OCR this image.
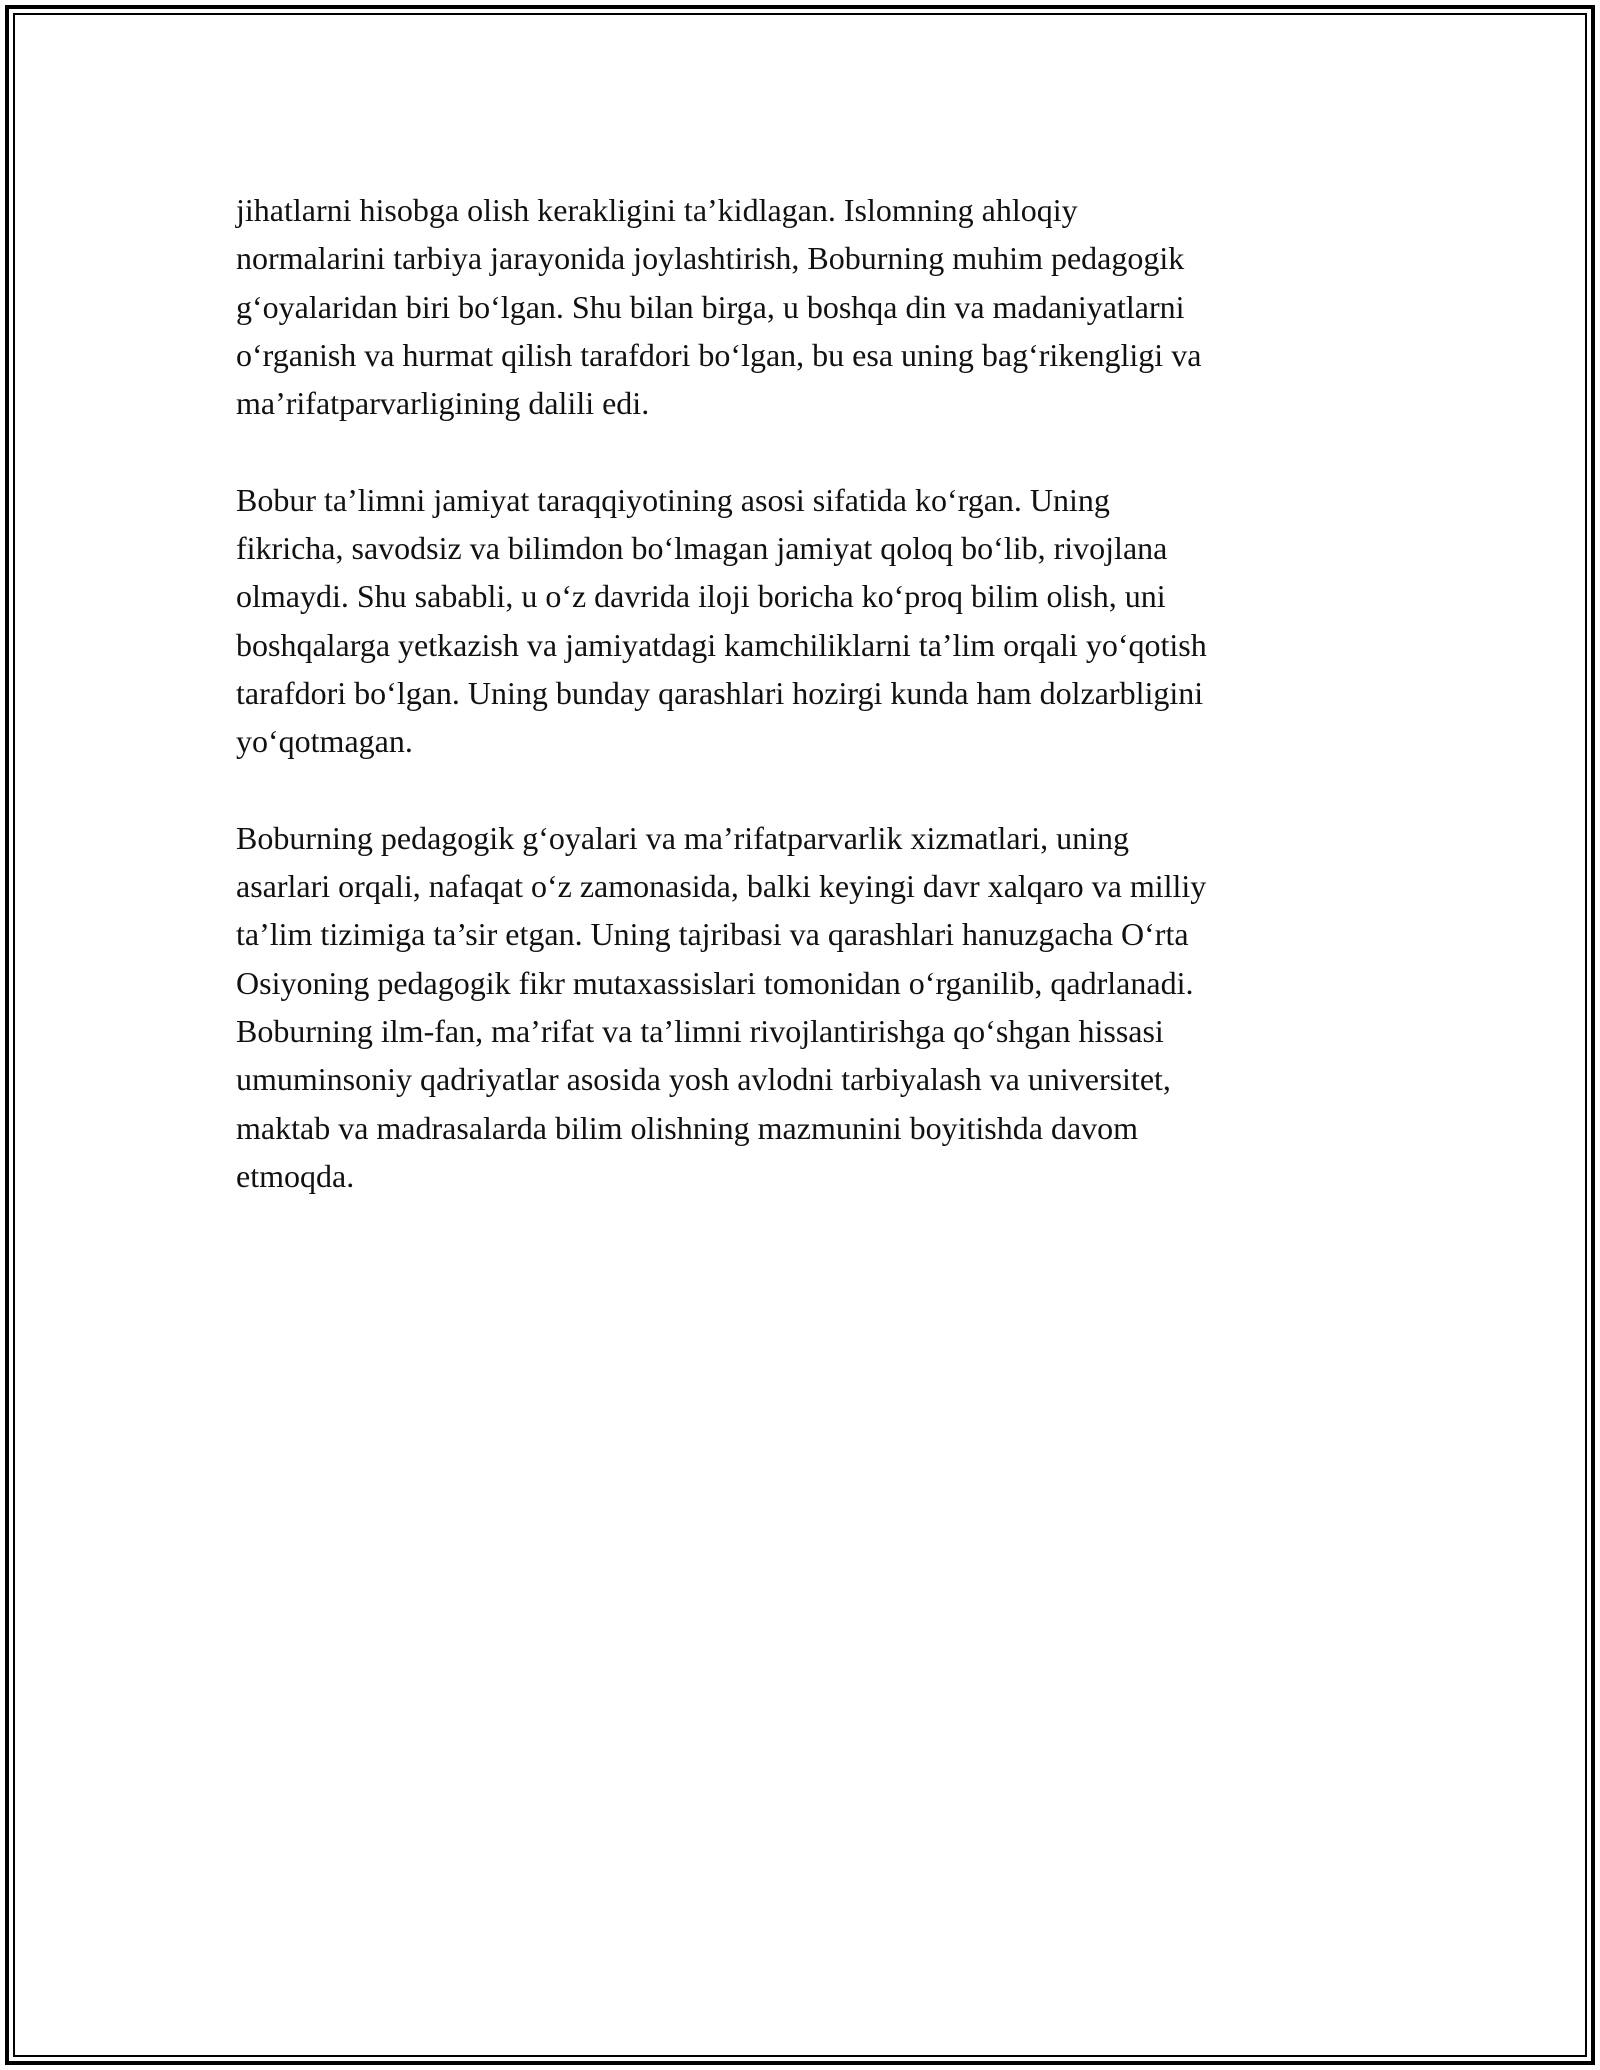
jihatlarni hisobga olish kerakligini ta’kidlagan. Islomning ahloqiy
normalarini tarbiya jarayonida joylashtirish, Boburning muhim pedagogik
g‘oyalaridan biri bo‘lgan. Shu bilan birga, u boshqa din va madaniyatlarni
o‘rganish va hurmat qilish tarafdori bo‘lgan, bu esa uning bag‘rikengligi va
ma’rifatparvarligining dalili edi.

Bobur ta’limni jamiyat taraqqiyotining asosi sifatida ko‘rgan. Uning
fikricha, savodsiz va bilimdon bo‘lmagan jamiyat qoloq bo‘lib, rivojlana
olmaydi. Shu sababli, u o‘z davrida iloji boricha ko‘proq bilim olish, uni
boshqalarga yetkazish va jamiyatdagi kamchiliklarni ta’lim orqali yo‘qotish
tarafdori bo‘lgan. Uning bunday qarashlari hozirgi kunda ham dolzarbligini
yo‘qotmagan.

Boburning pedagogik g‘oyalari va ma’rifatparvarlik xizmatlari, uning
asarlari orqali, nafaqat o‘z zamonasida, balki keyingi davr xalqaro va milliy
ta’lim tizimiga ta’sir etgan. Uning tajribasi va qarashlari hanuzgacha O‘rta
Osiyoning pedagogik fikr mutaxassislari tomonidan o‘rganilib, qadrlanadi.
Boburning ilm-fan, ma’rifat va ta’limni rivojlantirishga qo‘shgan hissasi
umuminsoniy qadriyatlar asosida yosh avlodni tarbiyalash va universitet,
maktab va madrasalarda bilim olishning mazmunini boyitishda davom
etmoqda.
